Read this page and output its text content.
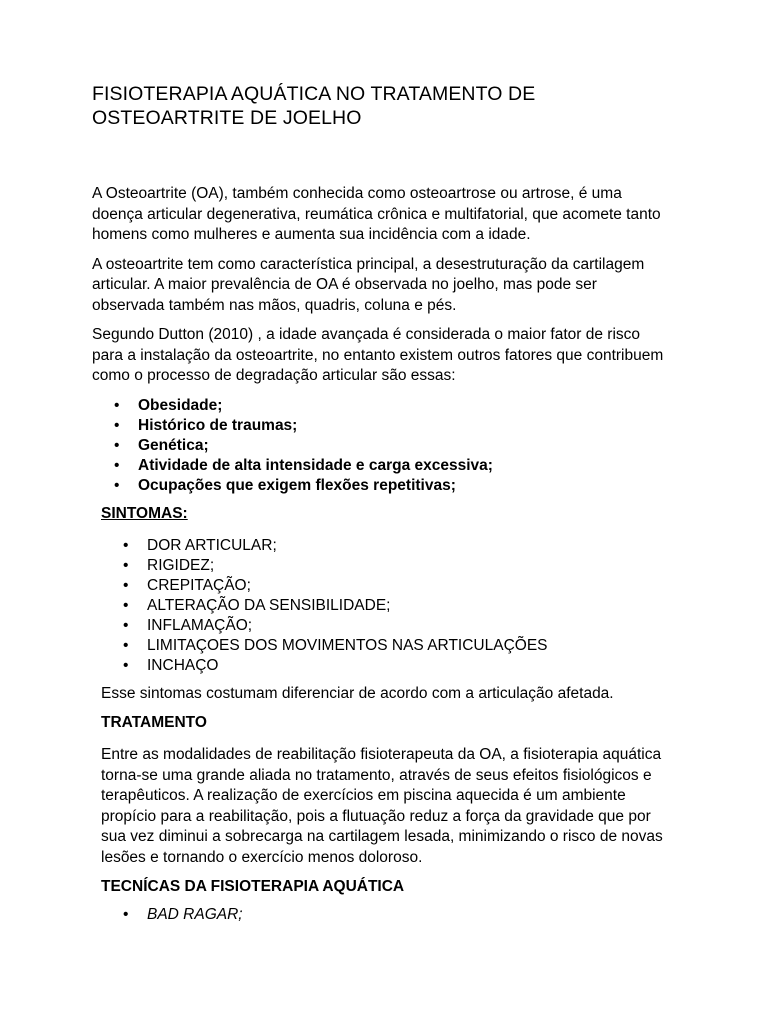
FISIOTERAPIA AQUÁTICA NO TRATAMENTO DE OSTEOARTRITE DE JOELHO

A Osteoartrite (OA), também conhecida como osteoartrose ou artrose, é uma doença articular degenerativa, reumática crônica e multifatorial, que acomete tanto homens como mulheres e aumenta sua incidência com a idade.

A osteoartrite tem como característica principal, a desestruturação da cartilagem articular. A maior prevalência de OA é observada no joelho, mas pode ser observada também nas mãos, quadris, coluna e pés.

Segundo Dutton (2010) , a idade avançada é considerada o maior fator de risco para a instalação da osteoartrite, no entanto existem outros fatores que contribuem como o processo de degradação articular são essas:

• Obesidade;
• Histórico de traumas;
• Genética;
• Atividade de alta intensidade e carga excessiva;
• Ocupações que exigem flexões repetitivas;
SINTOMAS:
• DOR ARTICULAR;
• RIGIDEZ;
• CREPITAÇÃO;
• ALTERAÇÃO DA SENSIBILIDADE;
• INFLAMAÇÃO;
• LIMITAÇOES DOS MOVIMENTOS NAS ARTICULAÇÕES
• INCHAÇO

Esse sintomas costumam diferenciar de acordo com a articulação afetada.

TRATAMENTO

Entre as modalidades de reabilitação fisioterapeuta da OA, a fisioterapia aquática torna-se uma grande aliada no tratamento, através de seus efeitos fisiológicos e terapêuticos. A realização de exercícios em piscina aquecida é um ambiente propício para a reabilitação, pois a flutuação reduz a força da gravidade que por sua vez diminui a sobrecarga na cartilagem lesada, minimizando o risco de novas lesões e tornando o exercício menos doloroso.

TECNÍCAS DA FISIOTERAPIA AQUÁTICA
• BAD RAGAR;
